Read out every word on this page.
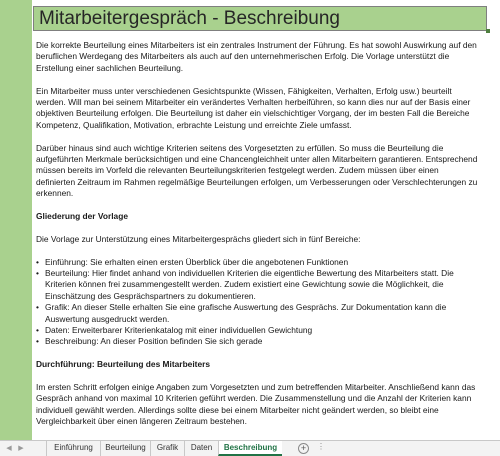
Mitarbeitergespräch - Beschreibung

Die korrekte Beurteilung eines Mitarbeiters ist ein zentrales Instrument der Führung. Es hat sowohl Auswirkung auf den beruflichen Werdegang des Mitarbeiters als auch auf den unternehmerischen Erfolg. Die Vorlage unterstützt die Erstellung einer sachlichen Beurteilung.

Ein Mitarbeiter muss unter verschiedenen Gesichtspunkte (Wissen, Fähigkeiten, Verhalten, Erfolg usw.) beurteilt werden. Will man bei seinem Mitarbeiter ein verändertes Verhalten herbeiführen, so kann dies nur auf der Basis einer objektiven Beurteilung erfolgen. Die Beurteilung ist daher ein vielschichtiger Vorgang, der im besten Fall die Bereiche Kompetenz, Qualifikation, Motivation, erbrachte Leistung und erreichte Ziele umfasst.

Darüber hinaus sind auch wichtige Kriterien seitens des Vorgesetzten zu erfüllen. So muss die Beurteilung die aufgeführten Merkmale berücksichtigen und eine Chancengleichheit unter allen Mitarbeitern garantieren. Entsprechend müssen bereits im Vorfeld die relevanten Beurteilungskriterien festgelegt werden. Zudem müssen über einen definierten Zeitraum im Rahmen regelmäßige Beurteilungen erfolgen, um Verbesserungen oder Verschlechterungen zu erkennen.

Gliederung der Vorlage

Die Vorlage zur Unterstützung eines Mitarbeitergesprächs gliedert sich in fünf Bereiche:

• Einführung: Sie erhalten einen ersten Überblick über die angebotenen Funktionen
• Beurteilung: Hier findet anhand von individuellen Kriterien die eigentliche Bewertung des Mitarbeiters statt. Die Kriterien können frei zusammengestellt werden. Zudem existiert eine Gewichtung sowie die Möglichkeit, die Einschätzung des Gesprächspartners zu dokumentieren.
• Grafik: An dieser Stelle erhalten Sie eine grafische Auswertung des Gesprächs. Zur Dokumentation kann die Auswertung ausgedruckt werden.
• Daten: Erweiterbarer Kriterienkatalog mit einer individuellen Gewichtung
• Beschreibung: An dieser Position befinden Sie sich gerade

Durchführung: Beurteilung des Mitarbeiters

Im ersten Schritt erfolgen einige Angaben zum Vorgesetzten und zum betreffenden Mitarbeiter. Anschließend kann das Gespräch anhand von maximal 10 Kriterien geführt werden. Die Zusammenstellung und die Anzahl der Kriterien kann individuell gewählt werden. Allerdings sollte diese bei einem Mitarbeiter nicht geändert werden, so bleibt eine Vergleichbarkeit über einen längeren Zeitraum bestehen.

◀ ▶	Einführung	Beurteilung	Grafik	Daten	Beschreibung	+	⋮
